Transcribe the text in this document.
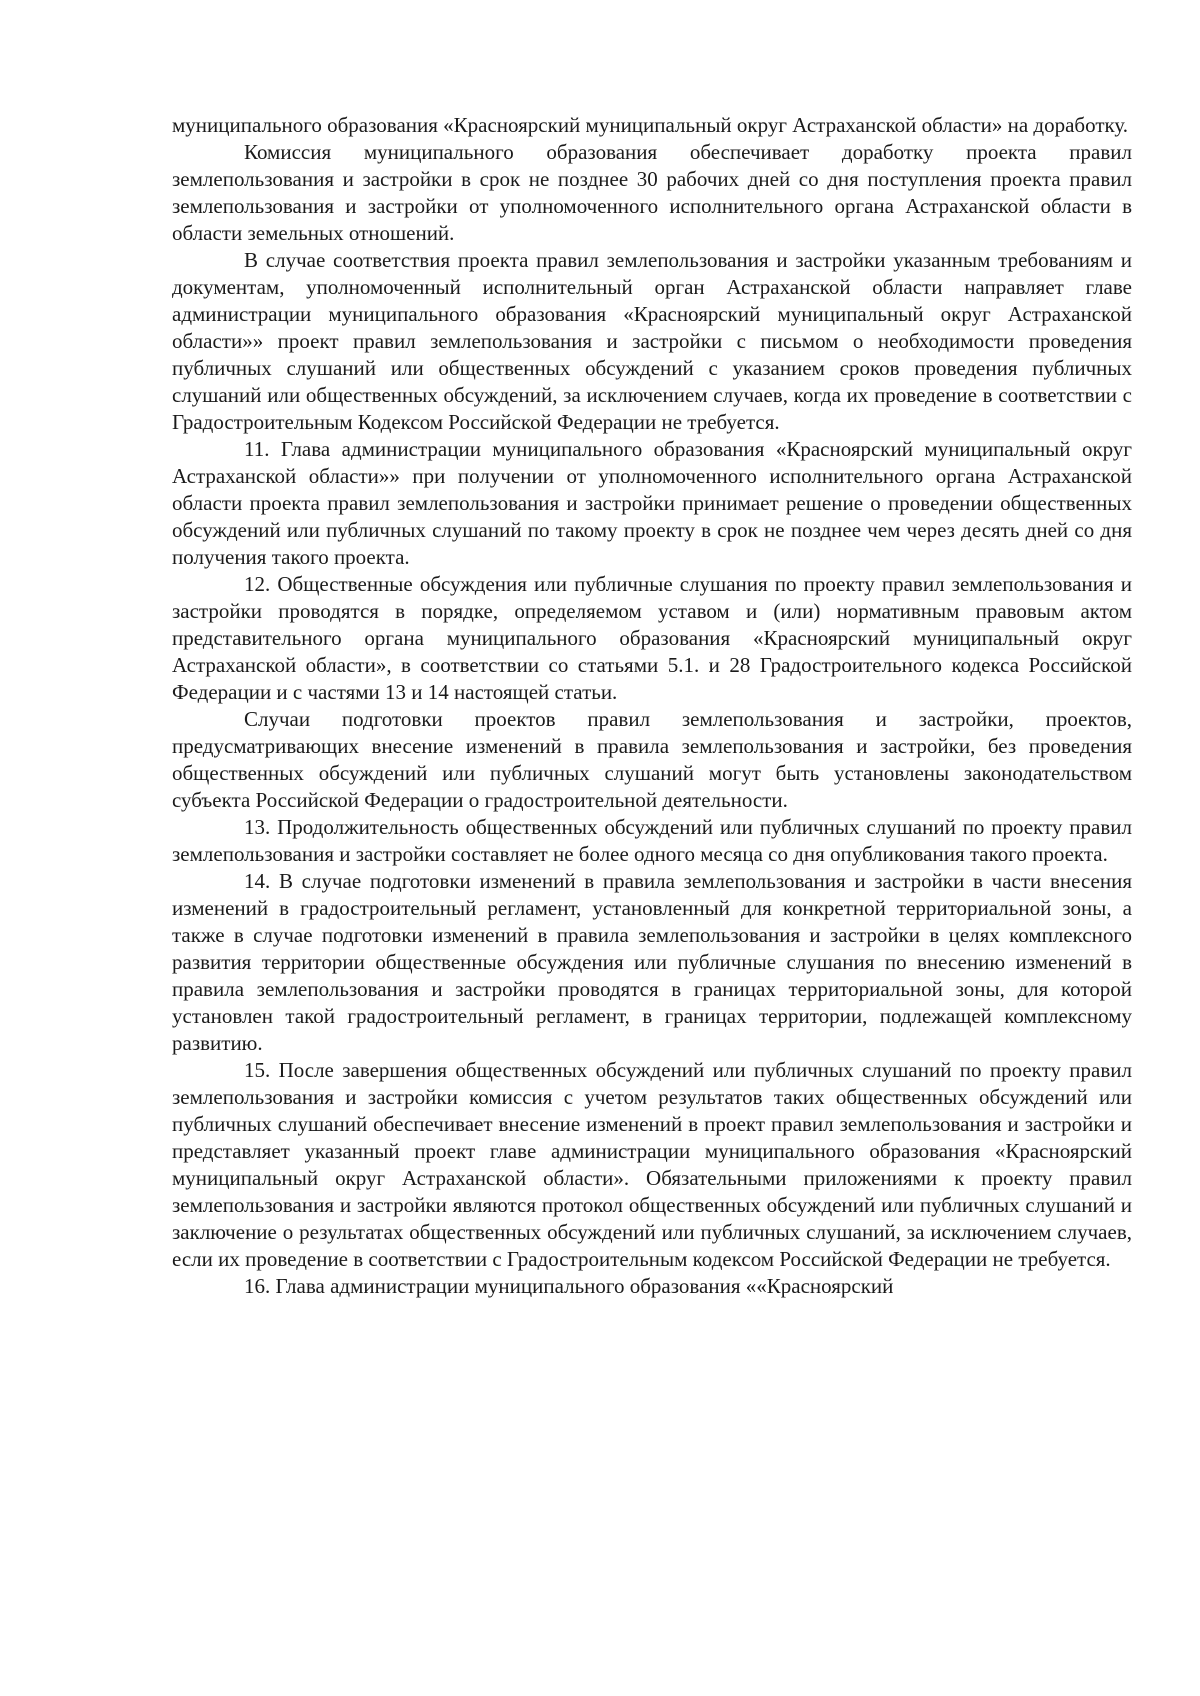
муниципального образования «Красноярский муниципальный округ Астраханской области» на доработку.

Комиссия муниципального образования обеспечивает доработку проекта правил землепользования и застройки в срок не позднее 30 рабочих дней со дня поступления проекта правил землепользования и застройки от уполномоченного исполнительного органа Астраханской области в области земельных отношений.

В случае соответствия проекта правил землепользования и застройки указанным требованиям и документам, уполномоченный исполнительный орган Астраханской области направляет главе администрации муниципального образования «Красноярский муниципальный округ Астраханской области»» проект правил землепользования и застройки с письмом о необходимости проведения публичных слушаний или общественных обсуждений с указанием сроков проведения публичных слушаний или общественных обсуждений, за исключением случаев, когда их проведение в соответствии с Градостроительным Кодексом Российской Федерации не требуется.

11. Глава администрации муниципального образования «Красноярский муниципальный округ Астраханской области»» при получении от уполномоченного исполнительного органа Астраханской области проекта правил землепользования и застройки принимает решение о проведении общественных обсуждений или публичных слушаний по такому проекту в срок не позднее чем через десять дней со дня получения такого проекта.

12. Общественные обсуждения или публичные слушания по проекту правил землепользования и застройки проводятся в порядке, определяемом уставом и (или) нормативным правовым актом представительного органа муниципального образования «Красноярский муниципальный округ Астраханской области», в соответствии со статьями 5.1. и 28 Градостроительного кодекса Российской Федерации и с частями 13 и 14 настоящей статьи.

Случаи подготовки проектов правил землепользования и застройки, проектов, предусматривающих внесение изменений в правила землепользования и застройки, без проведения общественных обсуждений или публичных слушаний могут быть установлены законодательством субъекта Российской Федерации о градостроительной деятельности.

13. Продолжительность общественных обсуждений или публичных слушаний по проекту правил землепользования и застройки составляет не более одного месяца со дня опубликования такого проекта.

14. В случае подготовки изменений в правила землепользования и застройки в части внесения изменений в градостроительный регламент, установленный для конкретной территориальной зоны, а также в случае подготовки изменений в правила землепользования и застройки в целях комплексного развития территории общественные обсуждения или публичные слушания по внесению изменений в правила землепользования и застройки проводятся в границах территориальной зоны, для которой установлен такой градостроительный регламент, в границах территории, подлежащей комплексному развитию.

15. После завершения общественных обсуждений или публичных слушаний по проекту правил землепользования и застройки комиссия с учетом результатов таких общественных обсуждений или публичных слушаний обеспечивает внесение изменений в проект правил землепользования и застройки и представляет указанный проект главе администрации муниципального образования «Красноярский муниципальный округ Астраханской области». Обязательными приложениями к проекту правил землепользования и застройки являются протокол общественных обсуждений или публичных слушаний и заключение о результатах общественных обсуждений или публичных слушаний, за исключением случаев, если их проведение в соответствии с Градостроительным кодексом Российской Федерации не требуется.

16. Глава администрации муниципального образования ««Красноярский
